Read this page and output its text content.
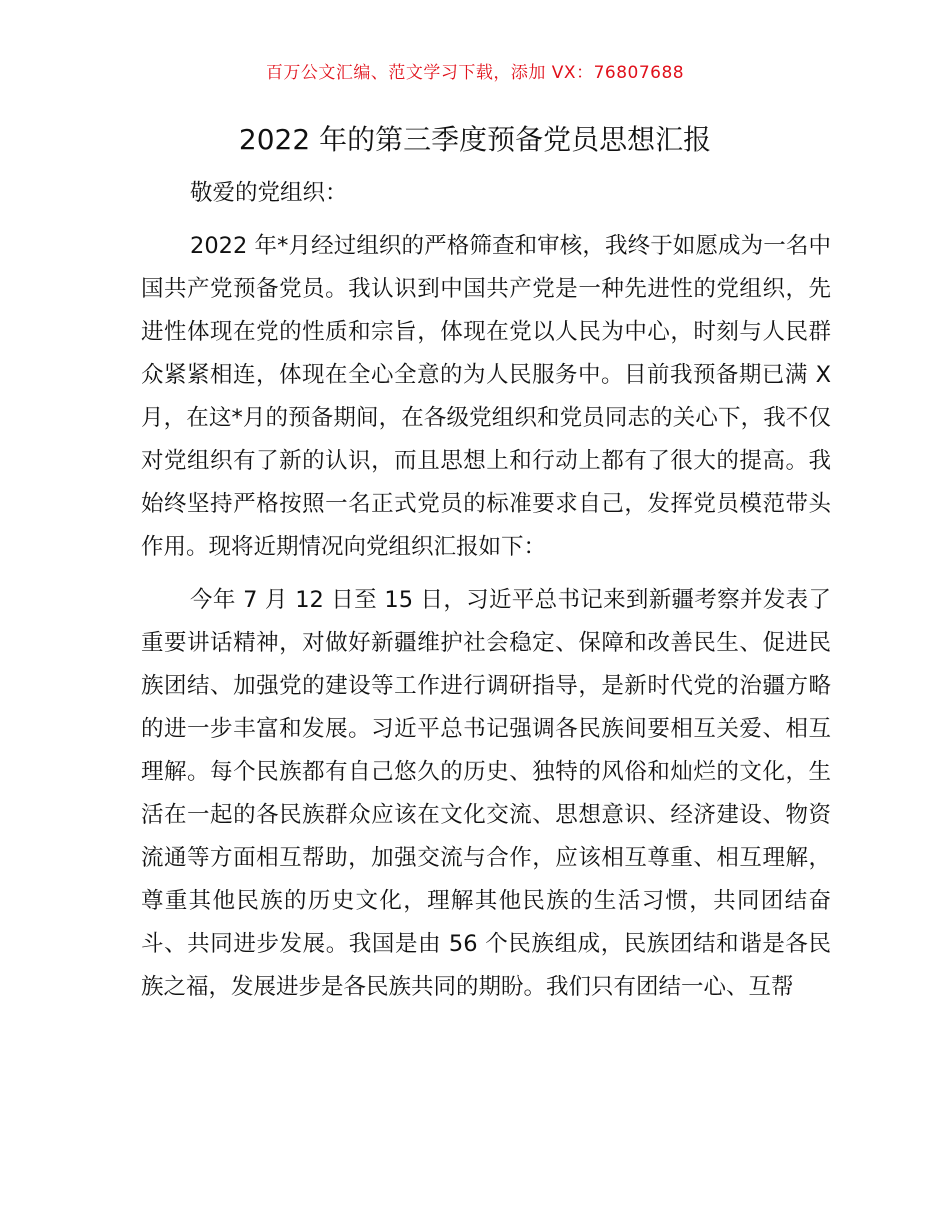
百万公文汇编、范文学习下载，添加 VX：76807688
2022 年的第三季度预备党员思想汇报

敬爱的党组织：

2022 年*月经过组织的严格筛查和审核，我终于如愿成为一名中国共产党预备党员。我认识到中国共产党是一种先进性的党组织，先进性体现在党的性质和宗旨，体现在党以人民为中心，时刻与人民群众紧紧相连，体现在全心全意的为人民服务中。目前我预备期已满 X 月，在这*月的预备期间，在各级党组织和党员同志的关心下，我不仅对党组织有了新的认识，而且思想上和行动上都有了很大的提高。我始终坚持严格按照一名正式党员的标准要求自己，发挥党员模范带头作用。现将近期情况向党组织汇报如下：

今年 7 月 12 日至 15 日，习近平总书记来到新疆考察并发表了重要讲话精神，对做好新疆维护社会稳定、保障和改善民生、促进民族团结、加强党的建设等工作进行调研指导，是新时代党的治疆方略的进一步丰富和发展。习近平总书记强调各民族间要相互关爱、相互理解。每个民族都有自己悠久的历史、独特的风俗和灿烂的文化，生活在一起的各民族群众应该在文化交流、思想意识、经济建设、物资流通等方面相互帮助，加强交流与合作，应该相互尊重、相互理解，尊重其他民族的历史文化，理解其他民族的生活习惯，共同团结奋斗、共同进步发展。我国是由 56 个民族组成，民族团结和谐是各民族之福，发展进步是各民族共同的期盼。我们只有团结一心、互帮
